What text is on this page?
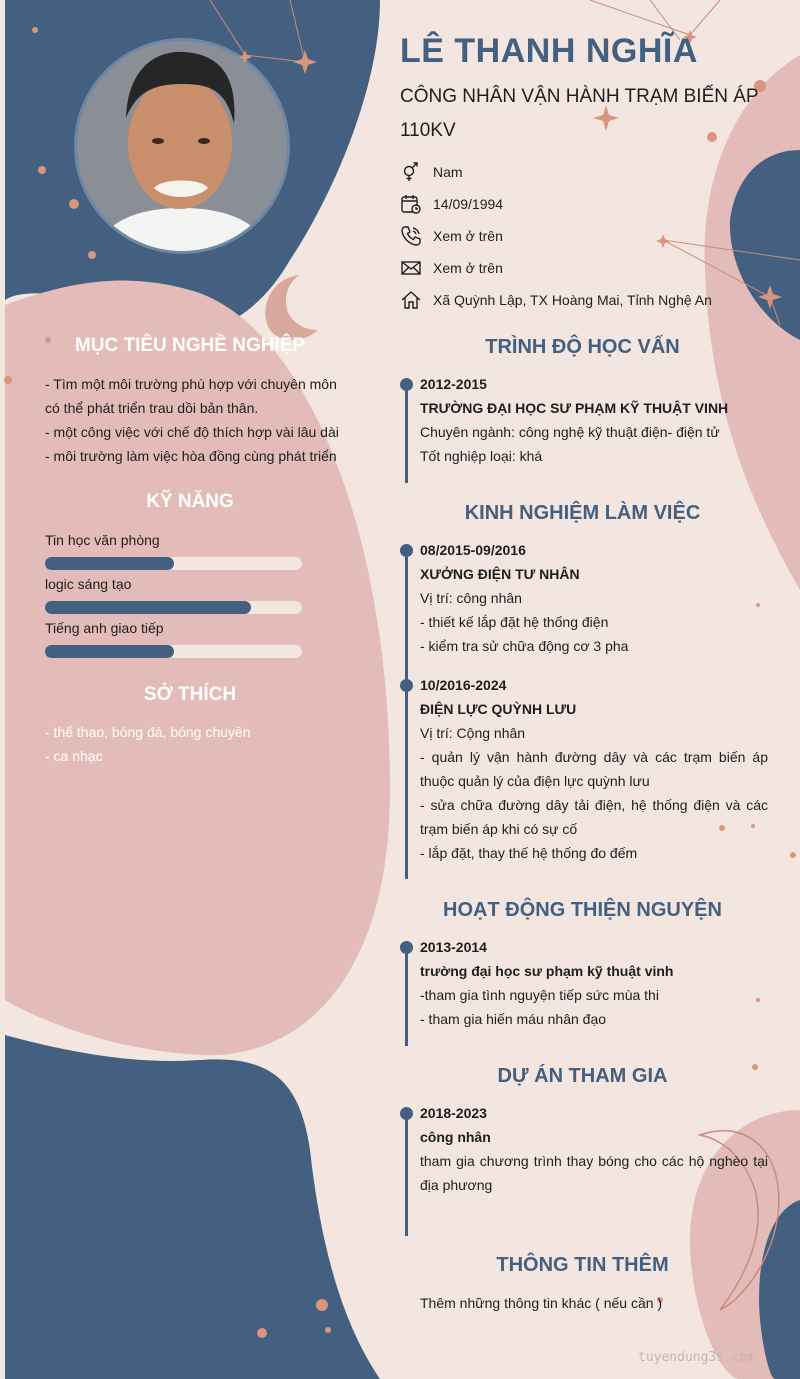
LÊ THANH NGHĨA

CÔNG NHÂN VẬN HÀNH TRẠM BIẾN ÁP 110KV

Nam
14/09/1994
Xem ở trên
Xem ở trên
Xã Quỳnh Lập, TX Hoàng Mai, Tỉnh Nghệ An
MỤC TIÊU NGHỀ NGHIỆP
- Tìm một môi trường phù hợp với chuyên môn
có thể phát triển trau dồi bản thân.
- một công việc với chế độ thích hợp vài lâu dài
- môi trường làm việc hòa đồng cùng phát triển
KỸ NĂNG
Tin học văn phòng
logic sáng tạo
Tiếng anh giao tiếp
SỞ THÍCH
- thể thao, bóng đá, bóng chuyền
- ca nhạc
TRÌNH ĐỘ HỌC VẤN
2012-2015
TRƯỜNG ĐẠI HỌC SƯ PHẠM KỸ THUẬT VINH
Chuyên ngành: công nghệ kỹ thuật điện- điện tử
Tốt nghiệp loại: khá
KINH NGHIỆM LÀM VIỆC
08/2015-09/2016
XƯỞNG ĐIỆN TƯ NHÂN
Vị trí: công nhân
- thiết kế lắp đặt hệ thống điện
- kiểm tra sử chữa động cơ 3 pha
10/2016-2024
ĐIỆN LỰC QUỲNH LƯU
Vị trí: Cộng nhân
- quản lý vận hành đường dây và các trạm biến áp thuộc quản lý của điện lực quỳnh lưu
- sửa chữa đường dây tải điện, hệ thống điện và các trạm biến áp khi có sự cố
- lắp đặt, thay thế hệ thống đo đếm
HOẠT ĐỘNG THIỆN NGUYỆN
2013-2014
trường đại học sư phạm kỹ thuật vinh
-tham gia tình nguyện tiếp sức mùa thi
- tham gia hiến máu nhân đạo
DỰ ÁN THAM GIA
2018-2023
công nhân
tham gia chương trình thay bóng cho các hộ nghèo tại địa phương
THÔNG TIN THÊM
Thêm những thông tin khác ( nếu cần )
tuyendung3s.com
